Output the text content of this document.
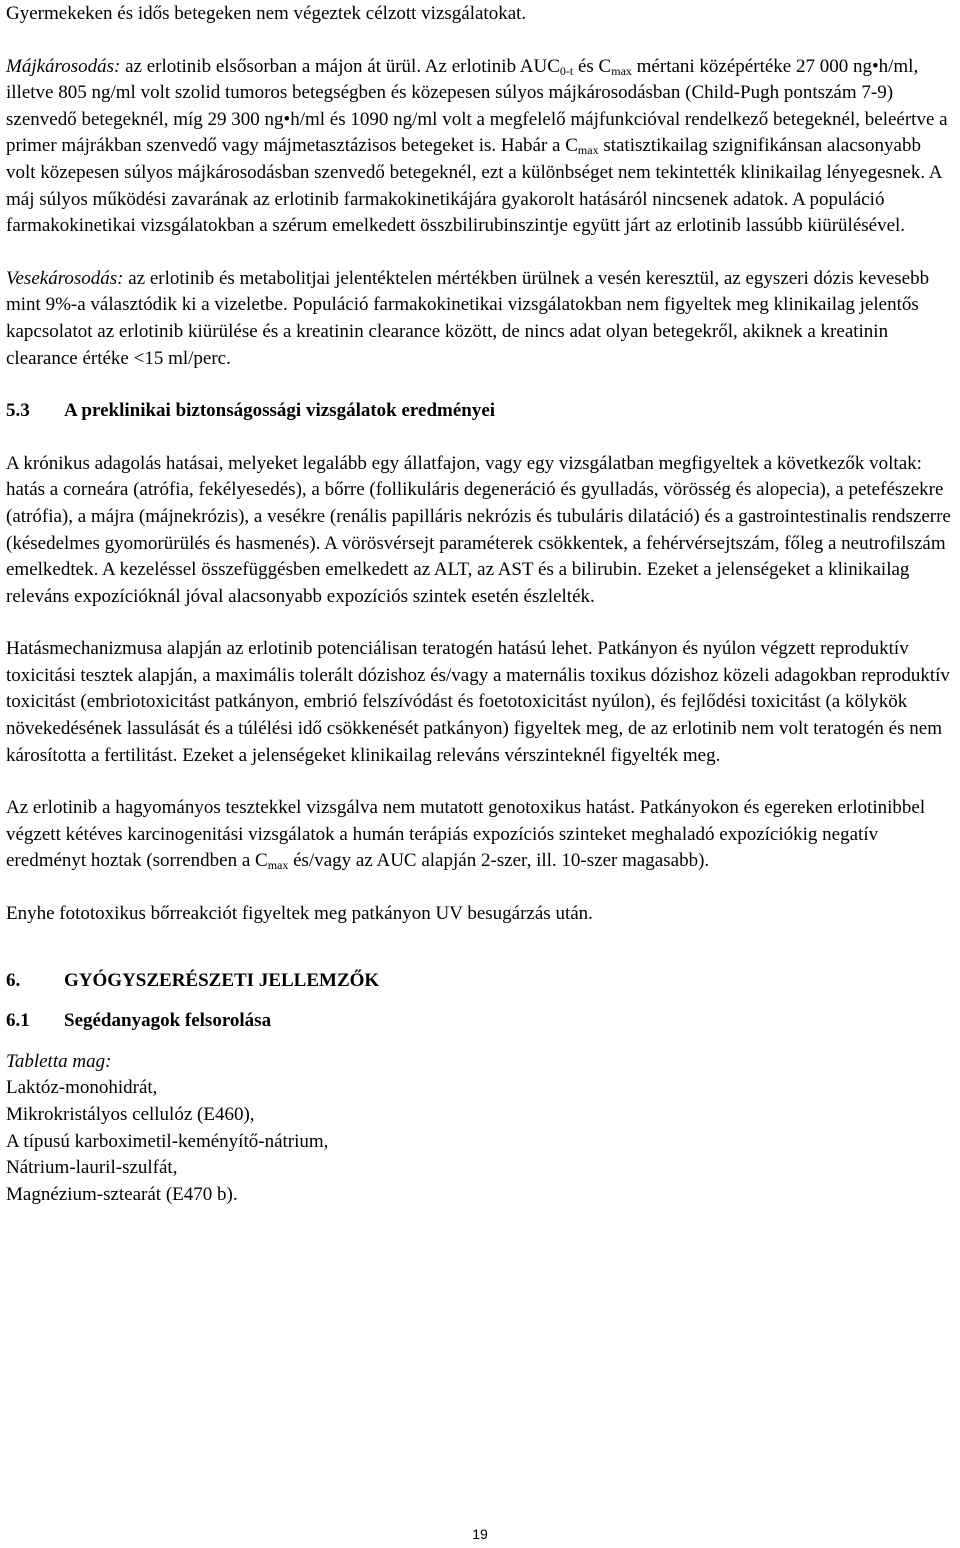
Gyermekeken és idős betegeken nem végeztek célzott vizsgálatokat.

Májkárosodás: az erlotinib elsősorban a májon át ürül. Az erlotinib $AUC_{0-t}$ és $C_{max}$ mértani középértéke 27 000 ng•h/ml, illetve 805 ng/ml volt szolid tumoros betegségben és közepesen súlyos májkárosodásban (Child-Pugh pontszám 7-9) szenvedő betegeknél, míg 29 300 ng•h/ml és 1090 ng/ml volt a megfelelő májfunkcióval rendelkező betegeknél, beleértve a primer májrákban szenvedő vagy májmetasztázisos betegeket is. Habár a $C_{max}$ statisztikailag szignifikánsan alacsonyabb volt közepesen súlyos májkárosodásban szenvedő betegeknél, ezt a különbséget nem tekintették klinikailag lényegesnek. A máj súlyos működési zavarának az erlotinib farmakokinetikájára gyakorolt hatásáról nincsenek adatok. A populáció farmakokinetikai vizsgálatokban a szérum emelkedett összbilirubinszintje együtt járt az erlotinib lassúbb kiürülésével.

Vesekárosodás: az erlotinib és metabolitjai jelentéktelen mértékben ürülnek a vesén keresztül, az egyszeri dózis kevesebb mint 9%-a választódik ki a vizeletbe. Populáció farmakokinetikai vizsgálatokban nem figyeltek meg klinikailag jelentős kapcsolatot az erlotinib kiürülése és a kreatinin clearance között, de nincs adat olyan betegekről, akiknek a kreatinin clearance értéke <15 ml/perc.

5.3	A preklinikai biztonságossági vizsgálatok eredményei

A krónikus adagolás hatásai, melyeket legalább egy állatfajon, vagy egy vizsgálatban megfigyeltek a következők voltak: hatás a corneára (atrófia, fekélyesedés), a bőrre (follikuláris degeneráció és gyulladás, vörösség és alopecia), a petefészekre (atrófia), a májra (májnekrózis), a vesékre (renális papilláris nekrózis és tubuláris dilatáció) és a gastrointestinalis rendszerre (késedelmes gyomorürülés és hasmenés). A vörösvérsejt paraméterek csökkentek, a fehérvérsejtszám, főleg a neutrofilszám emelkedtek. A kezeléssel összefüggésben emelkedett az ALT, az AST és a bilirubin. Ezeket a jelenségeket a klinikailag releváns expozícióknál jóval alacsonyabb expozíciós szintek esetén észlelték.

Hatásmechanizmusa alapján az erlotinib potenciálisan teratogén hatású lehet. Patkányon és nyúlon végzett reproduktív toxicitási tesztek alapján, a maximális tolerált dózishoz és/vagy a maternális toxikus dózishoz közeli adagokban reproduktív toxicitást (embriotoxicitást patkányon, embrió felszívódást és foetotoxicitást nyúlon), és fejlődési toxicitást (a kölykök növekedésének lassulását és a túlélési idő csökkenését patkányon) figyeltek meg, de az erlotinib nem volt teratogén és nem károsította a fertilitást. Ezeket a jelenségeket klinikailag releváns vérszinteknél figyelték meg.

Az erlotinib a hagyományos tesztekkel vizsgálva nem mutatott genotoxikus hatást. Patkányokon és egereken erlotinibbel végzett kétéves karcinogenitási vizsgálatok a humán terápiás expozíciós szinteket meghaladó expozíciókig negatív eredményt hoztak (sorrendben a $C_{max}$ és/vagy az AUC alapján 2-szer, ill. 10-szer magasabb).

Enyhe fototoxikus bőrreakciót figyeltek meg patkányon UV besugárzás után.

6.	GYÓGYSZERÉSZETI JELLEMZŐK
6.1	Segédanyagok felsorolása
Tabletta mag:
Laktóz-monohidrát,
Mikrokristályos cellulóz (E460),
A típusú karboximetil-keményítő-nátrium,
Nátrium-lauril-szulfát,
Magnézium-sztearát (E470 b).
19
